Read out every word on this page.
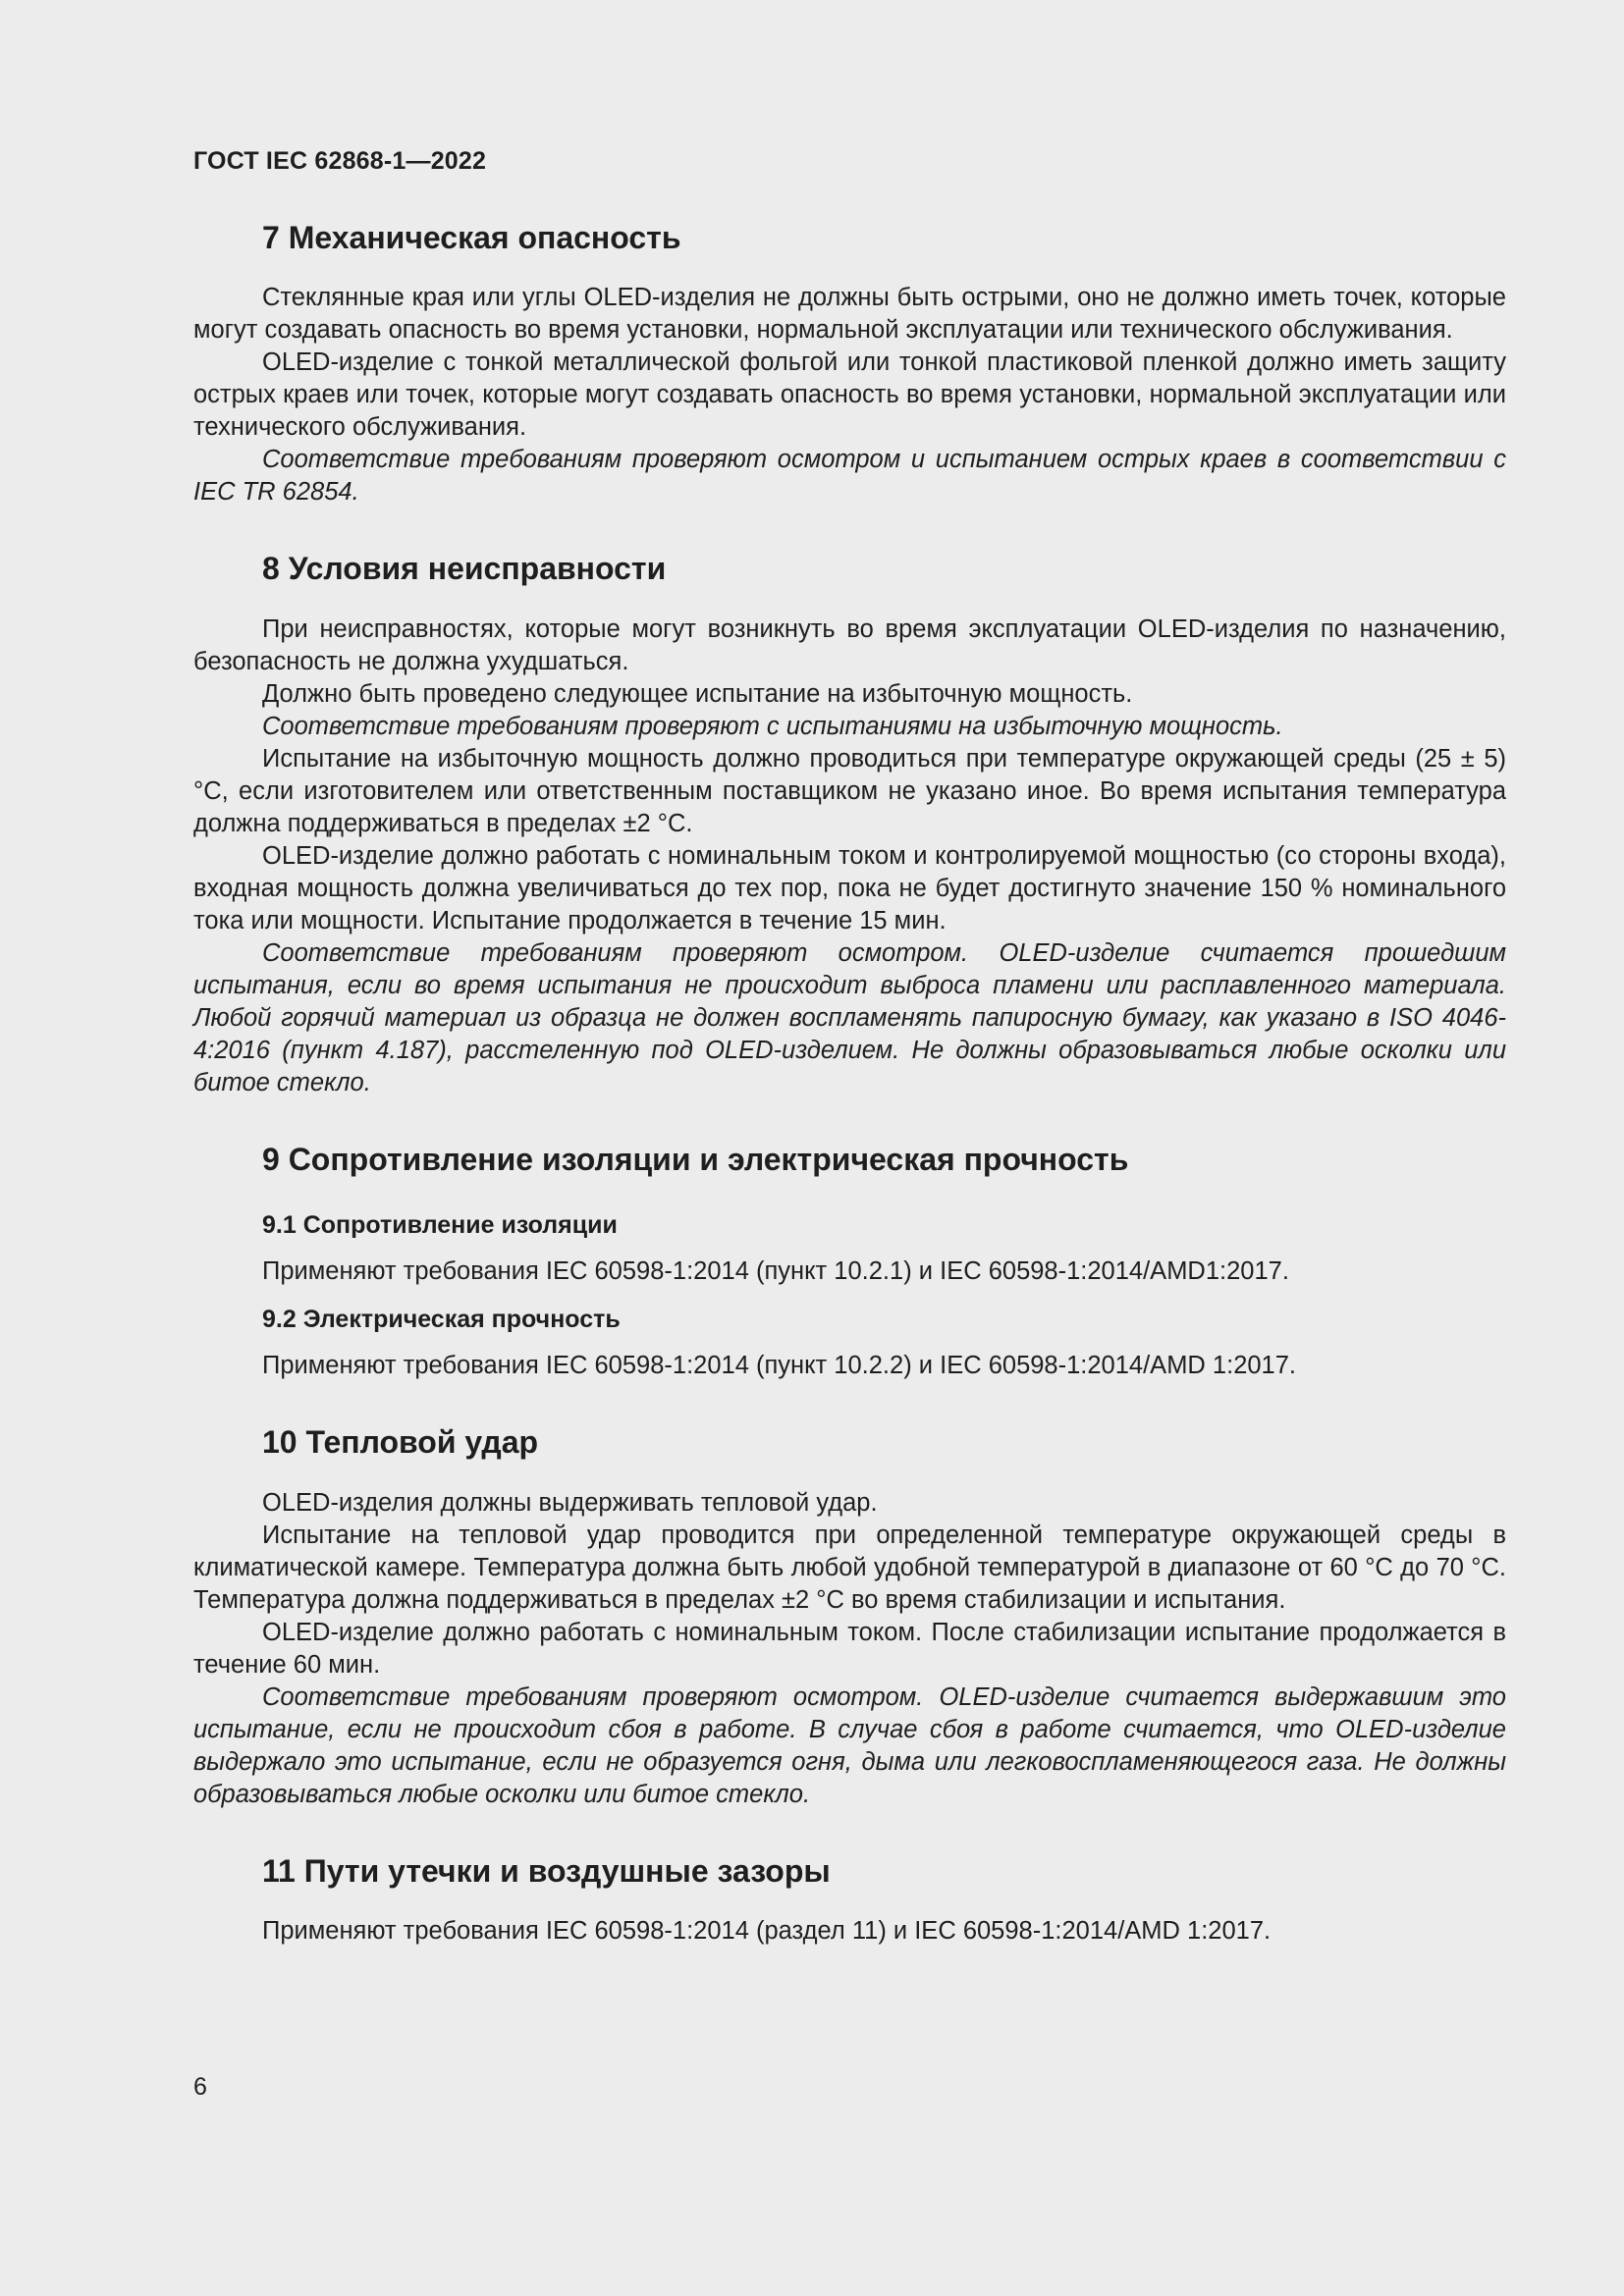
ГОСТ IEC 62868-1—2022
7 Механическая опасность

Стеклянные края или углы OLED-изделия не должны быть острыми, оно не должно иметь точек, которые могут создавать опасность во время установки, нормальной эксплуатации или технического обслуживания.

OLED-изделие с тонкой металлической фольгой или тонкой пластиковой пленкой должно иметь защиту острых краев или точек, которые могут создавать опасность во время установки, нормальной эксплуатации или технического обслуживания.

Соответствие требованиям проверяют осмотром и испытанием острых краев в соответствии с IEC TR 62854.

8 Условия неисправности

При неисправностях, которые могут возникнуть во время эксплуатации OLED-изделия по назначению, безопасность не должна ухудшаться.

Должно быть проведено следующее испытание на избыточную мощность.

Соответствие требованиям проверяют с испытаниями на избыточную мощность.

Испытание на избыточную мощность должно проводиться при температуре окружающей среды (25 ± 5) °С, если изготовителем или ответственным поставщиком не указано иное. Во время испытания температура должна поддерживаться в пределах ±2 °С.

OLED-изделие должно работать с номинальным током и контролируемой мощностью (со стороны входа), входная мощность должна увеличиваться до тех пор, пока не будет достигнуто значение 150 % номинального тока или мощности. Испытание продолжается в течение 15 мин.

Соответствие требованиям проверяют осмотром. OLED-изделие считается прошедшим испытания, если во время испытания не происходит выброса пламени или расплавленного материала. Любой горячий материал из образца не должен воспламенять папиросную бумагу, как указано в ISO 4046-4:2016 (пункт 4.187), расстеленную под OLED-изделием. Не должны образовываться любые осколки или битое стекло.

9 Сопротивление изоляции и электрическая прочность
9.1 Сопротивление изоляции

Применяют требования IEC 60598-1:2014 (пункт 10.2.1) и IEC 60598-1:2014/AMD1:2017.

9.2 Электрическая прочность

Применяют требования IEC 60598-1:2014 (пункт 10.2.2) и IEC 60598-1:2014/AMD 1:2017.

10 Тепловой удар

OLED-изделия должны выдерживать тепловой удар.

Испытание на тепловой удар проводится при определенной температуре окружающей среды в климатической камере. Температура должна быть любой удобной температурой в диапазоне от 60 °С до 70 °С. Температура должна поддерживаться в пределах ±2 °С во время стабилизации и испытания.

OLED-изделие должно работать с номинальным током. После стабилизации испытание продолжается в течение 60 мин.

Соответствие требованиям проверяют осмотром. OLED-изделие считается выдержавшим это испытание, если не происходит сбоя в работе. В случае сбоя в работе считается, что OLED-изделие выдержало это испытание, если не образуется огня, дыма или легковоспламеняющегося газа. Не должны образовываться любые осколки или битое стекло.

11 Пути утечки и воздушные зазоры

Применяют требования IEC 60598-1:2014 (раздел 11) и IEC 60598-1:2014/AMD 1:2017.

6
